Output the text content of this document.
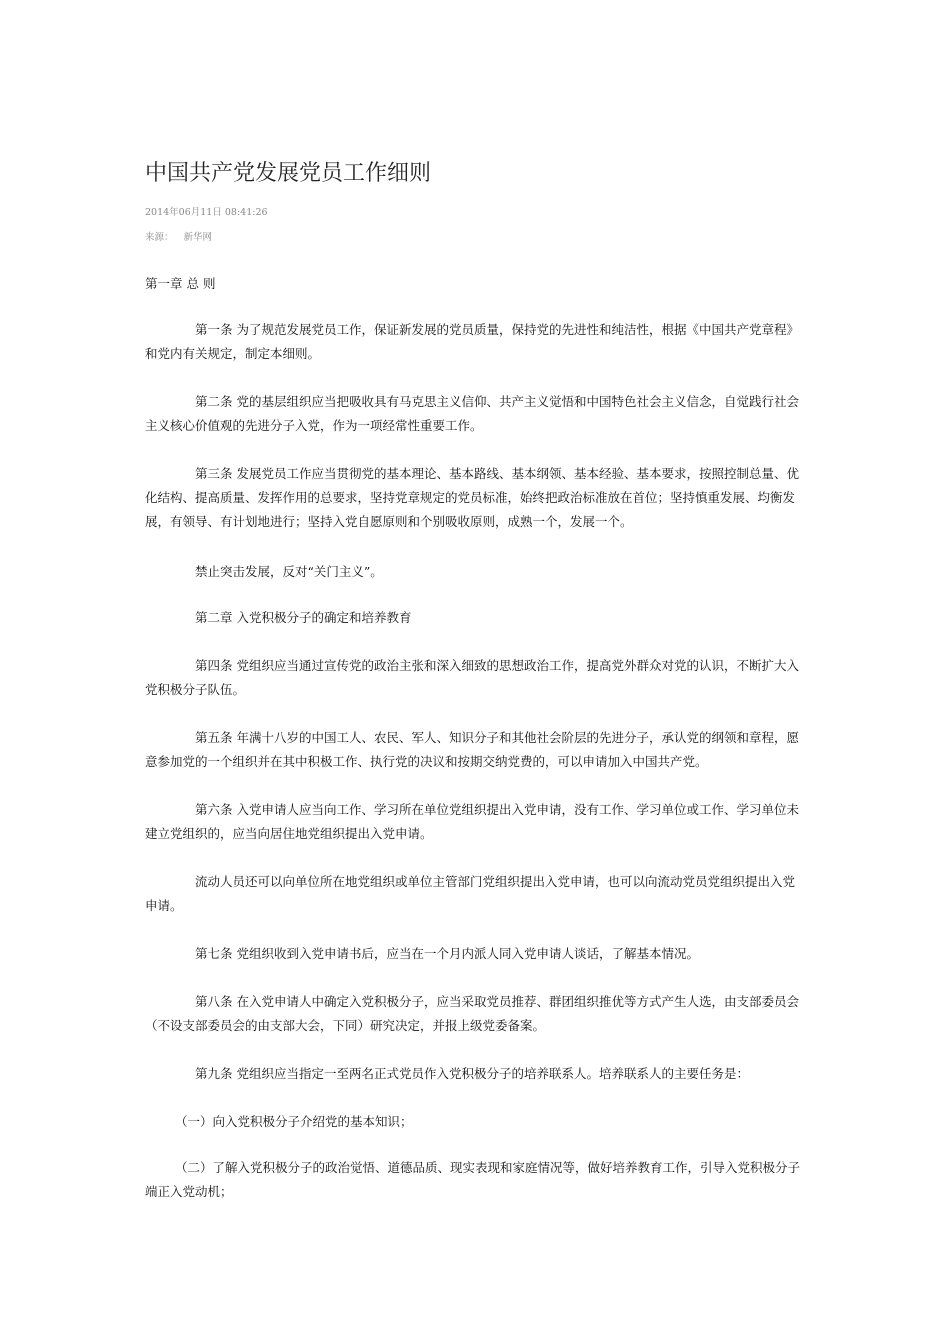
中国共产党发展党员工作细则
2014年06月11日 08:41:26
来源： 新华网

第一章 总 则

第一条 为了规范发展党员工作，保证新发展的党员质量，保持党的先进性和纯洁性，根据《中国共产党章程》和党内有关规定，制定本细则。

第二条 党的基层组织应当把吸收具有马克思主义信仰、共产主义觉悟和中国特色社会主义信念，自觉践行社会主义核心价值观的先进分子入党，作为一项经常性重要工作。

第三条 发展党员工作应当贯彻党的基本理论、基本路线、基本纲领、基本经验、基本要求，按照控制总量、优化结构、提高质量、发挥作用的总要求，坚持党章规定的党员标准，始终把政治标准放在首位；坚持慎重发展、均衡发展，有领导、有计划地进行；坚持入党自愿原则和个别吸收原则，成熟一个，发展一个。

禁止突击发展，反对“关门主义”。

第二章 入党积极分子的确定和培养教育

第四条 党组织应当通过宣传党的政治主张和深入细致的思想政治工作，提高党外群众对党的认识，不断扩大入党积极分子队伍。

第五条 年满十八岁的中国工人、农民、军人、知识分子和其他社会阶层的先进分子，承认党的纲领和章程，愿意参加党的一个组织并在其中积极工作、执行党的决议和按期交纳党费的，可以申请加入中国共产党。

第六条 入党申请人应当向工作、学习所在单位党组织提出入党申请，没有工作、学习单位或工作、学习单位未建立党组织的，应当向居住地党组织提出入党申请。

流动人员还可以向单位所在地党组织或单位主管部门党组织提出入党申请，也可以向流动党员党组织提出入党申请。

第七条 党组织收到入党申请书后，应当在一个月内派人同入党申请人谈话，了解基本情况。

第八条 在入党申请人中确定入党积极分子，应当采取党员推荐、群团组织推优等方式产生人选，由支部委员会（不设支部委员会的由支部大会，下同）研究决定，并报上级党委备案。

第九条 党组织应当指定一至两名正式党员作入党积极分子的培养联系人。培养联系人的主要任务是：

（一）向入党积极分子介绍党的基本知识；

（二）了解入党积极分子的政治觉悟、道德品质、现实表现和家庭情况等，做好培养教育工作，引导入党积极分子端正入党动机；
